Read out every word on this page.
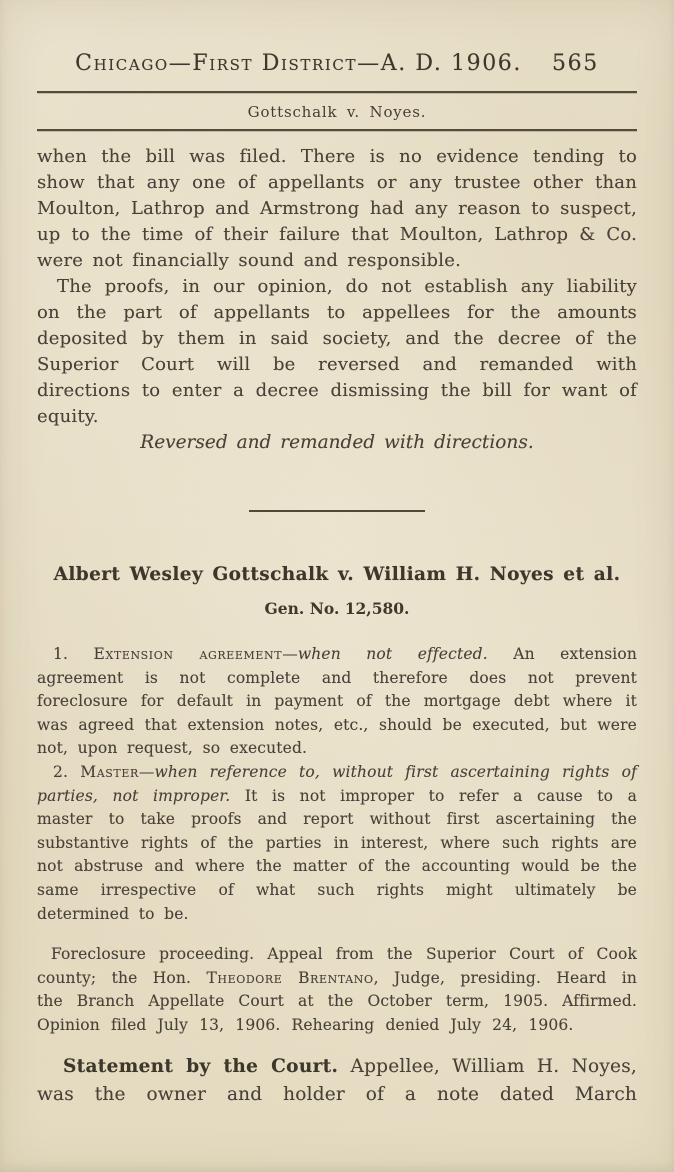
Chicago—First District—A. D. 1906. 565
Gottschalk v. Noyes.

when the bill was filed. There is no evidence tending to show that any one of appellants or any trustee other than Moulton, Lathrop and Armstrong had any reason to suspect, up to the time of their failure that Moulton, Lathrop & Co. were not financially sound and responsible.

The proofs, in our opinion, do not establish any liability on the part of appellants to appellees for the amounts deposited by them in said society, and the decree of the Superior Court will be reversed and remanded with directions to enter a decree dismissing the bill for want of equity.

Reversed and remanded with directions.

Albert Wesley Gottschalk v. William H. Noyes et al.
Gen. No. 12,580.

1. Extension agreement—when not effected. An extension agreement is not complete and therefore does not prevent foreclosure for default in payment of the mortgage debt where it was agreed that extension notes, etc., should be executed, but were not, upon request, so executed.

2. Master—when reference to, without first ascertaining rights of parties, not improper. It is not improper to refer a cause to a master to take proofs and report without first ascertaining the substantive rights of the parties in interest, where such rights are not abstruse and where the matter of the accounting would be the same irrespective of what such rights might ultimately be determined to be.

Foreclosure proceeding. Appeal from the Superior Court of Cook county; the Hon. Theodore Brentano, Judge, presiding. Heard in the Branch Appellate Court at the October term, 1905. Affirmed. Opinion filed July 13, 1906. Rehearing denied July 24, 1906.

Statement by the Court. Appellee, William H. Noyes, was the owner and holder of a note dated March
